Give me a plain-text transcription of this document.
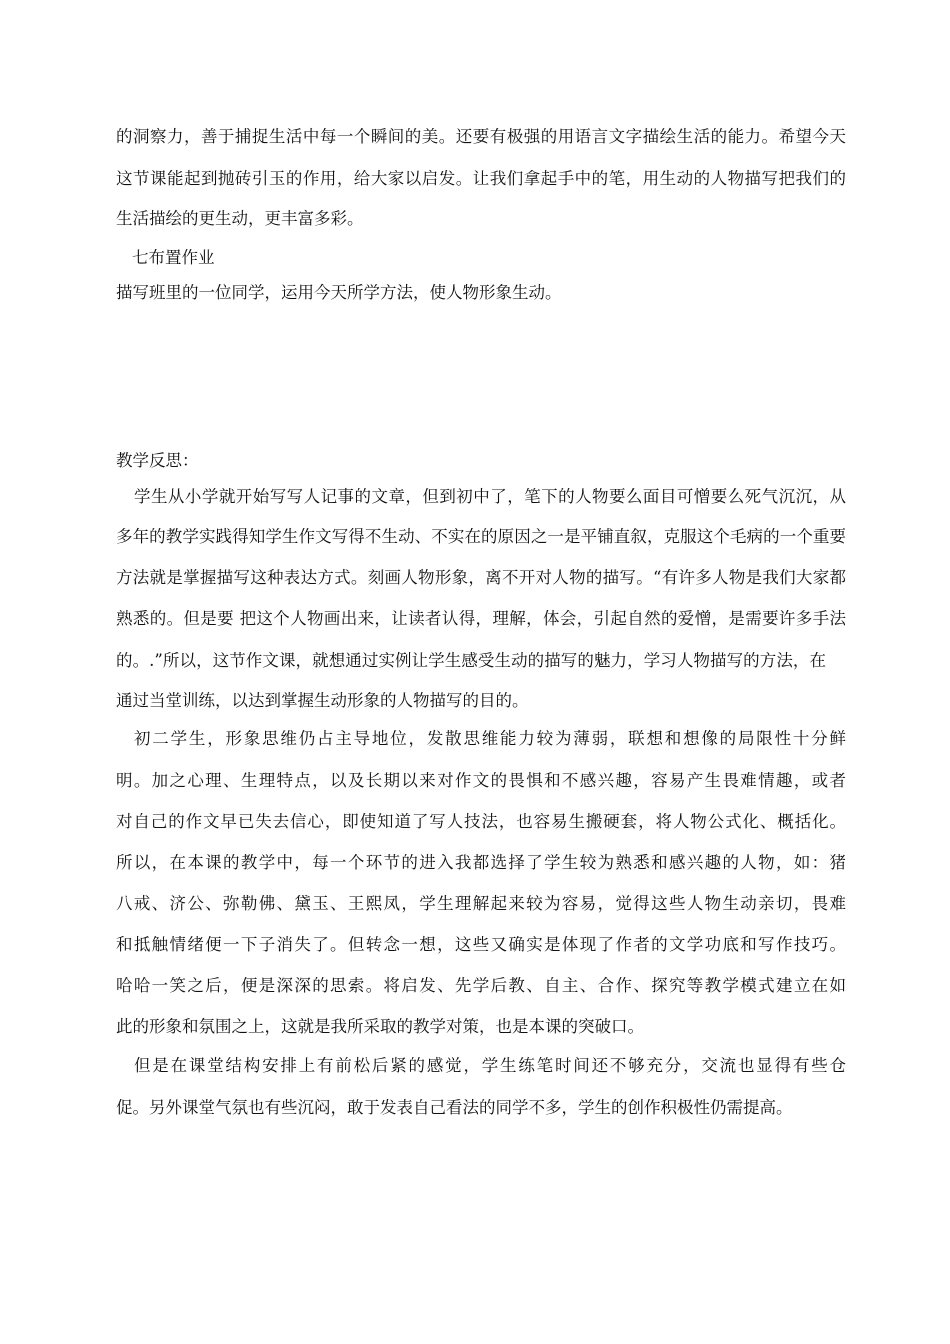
的洞察力，善于捕捉生活中每一个瞬间的美。还要有极强的用语言文字描绘生活的能力。希望今天
这节课能起到抛砖引玉的作用，给大家以启发。让我们拿起手中的笔，用生动的人物描写把我们的
生活描绘的更生动，更丰富多彩。
七布置作业
描写班里的一位同学，运用今天所学方法，使人物形象生动。
教学反思：
学生从小学就开始写写人记事的文章，但到初中了，笔下的人物要么面目可憎要么死气沉沉，从
多年的教学实践得知学生作文写得不生动、不实在的原因之一是平铺直叙，克服这个毛病的一个重要
方法就是掌握描写这种表达方式。刻画人物形象，离不开对人物的描写。“有许多人物是我们大家都
熟悉的。但是要 把这个人物画出来，让读者认得，理解，体会，引起自然的爱憎，是需要许多手法
的。.”所以，这节作文课，就想通过实例让学生感受生动的描写的魅力，学习人物描写的方法，在
通过当堂训练，以达到掌握生动形象的人物描写的目的。
初二学生，形象思维仍占主导地位，发散思维能力较为薄弱，联想和想像的局限性十分鲜
明。加之心理、生理特点，以及长期以来对作文的畏惧和不感兴趣，容易产生畏难情趣，或者
对自己的作文早已失去信心，即使知道了写人技法，也容易生搬硬套，将人物公式化、概括化。
所以，在本课的教学中，每一个环节的进入我都选择了学生较为熟悉和感兴趣的人物，如：猪
八戒、济公、弥勒佛、黛玉、王熙凤，学生理解起来较为容易，觉得这些人物生动亲切，畏难
和抵触情绪便一下子消失了。但转念一想，这些又确实是体现了作者的文学功底和写作技巧。
哈哈一笑之后，便是深深的思索。将启发、先学后教、自主、合作、探究等教学模式建立在如
此的形象和氛围之上，这就是我所采取的教学对策，也是本课的突破口。
但是在课堂结构安排上有前松后紧的感觉，学生练笔时间还不够充分，交流也显得有些仓
促。另外课堂气氛也有些沉闷，敢于发表自己看法的同学不多，学生的创作积极性仍需提高。
